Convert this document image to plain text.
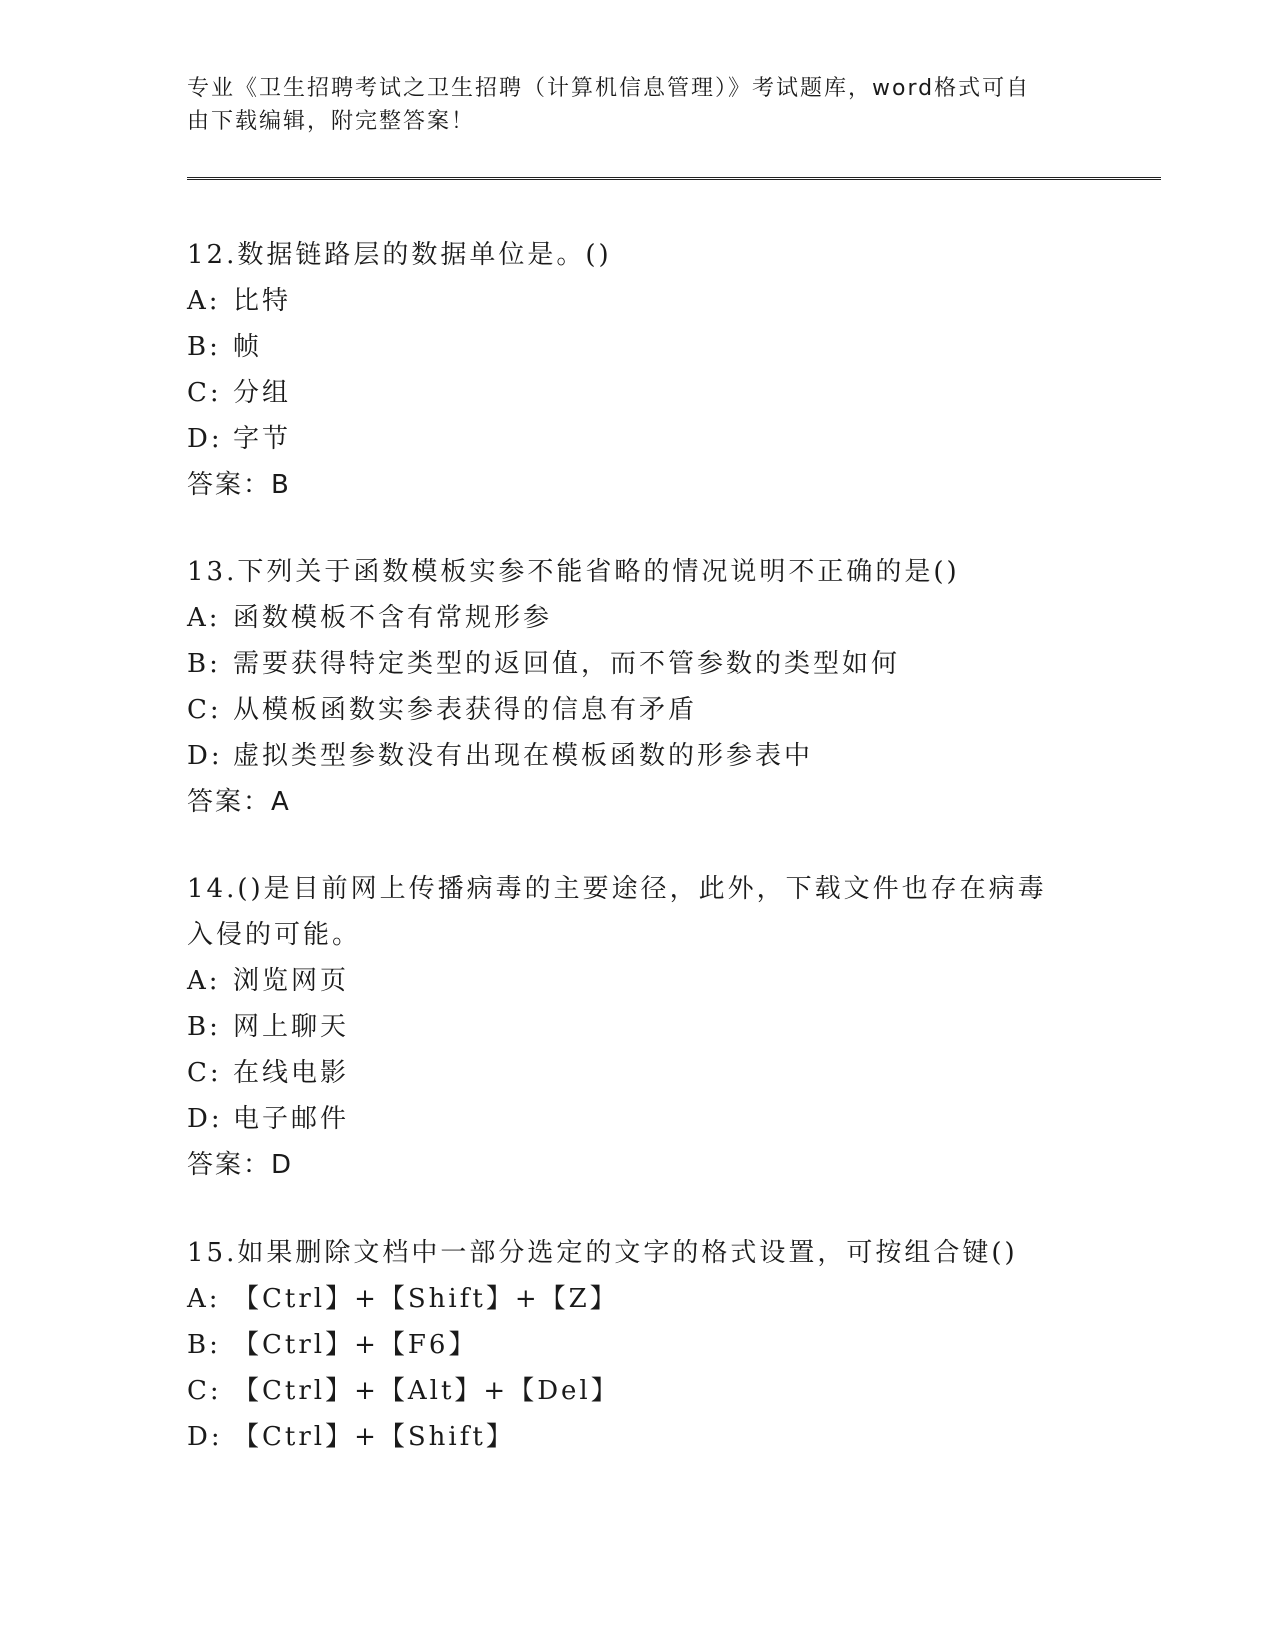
专业《卫生招聘考试之卫生招聘（计算机信息管理）》考试题库，word格式可自
由下载编辑，附完整答案！
12.数据链路层的数据单位是。()
A: 比特
B: 帧
C: 分组
D: 字节
答案：B
13.下列关于函数模板实参不能省略的情况说明不正确的是()
A: 函数模板不含有常规形参
B: 需要获得特定类型的返回值，而不管参数的类型如何
C: 从模板函数实参表获得的信息有矛盾
D: 虚拟类型参数没有出现在模板函数的形参表中
答案：A
14.()是目前网上传播病毒的主要途径，此外，下载文件也存在病毒入侵的可能。
A: 浏览网页
B: 网上聊天
C: 在线电影
D: 电子邮件
答案：D
15.如果删除文档中一部分选定的文字的格式设置，可按组合键()
A: 【Ctrl】+【Shift】+【Z】
B: 【Ctrl】+【F6】
C: 【Ctrl】+【Alt】+【Del】
D: 【Ctrl】+【Shift】
